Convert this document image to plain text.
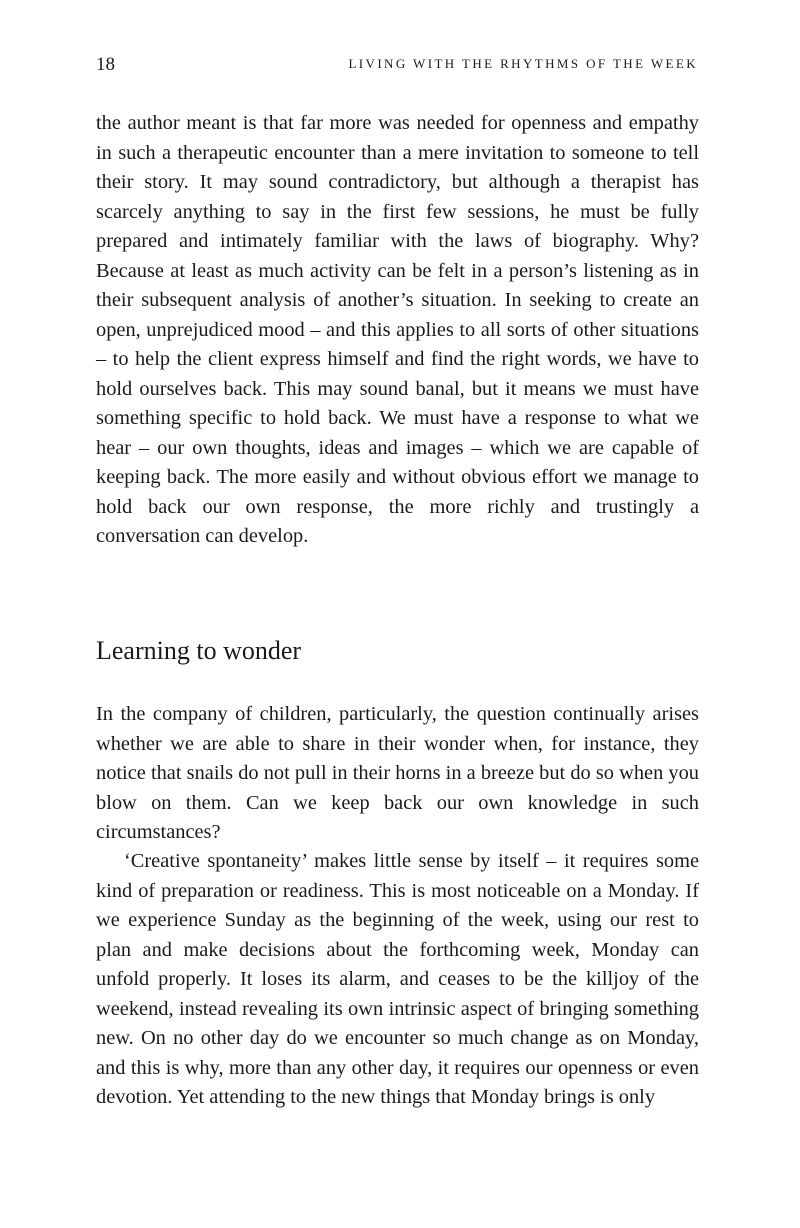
18	LIVING WITH THE RHYTHMS OF THE WEEK

the author meant is that far more was needed for openness and empathy in such a therapeutic encounter than a mere invitation to someone to tell their story. It may sound contradictory, but although a therapist has scarcely anything to say in the first few sessions, he must be fully prepared and intimately familiar with the laws of biography. Why? Because at least as much activity can be felt in a person’s listening as in their subsequent analysis of another’s situation. In seeking to create an open, unprejudiced mood – and this applies to all sorts of other situations – to help the client express himself and find the right words, we have to hold ourselves back. This may sound banal, but it means we must have something specific to hold back. We must have a response to what we hear – our own thoughts, ideas and images – which we are capable of keeping back. The more easily and without obvious effort we manage to hold back our own response, the more richly and trustingly a conversation can develop.

Learning to wonder

In the company of children, particularly, the question continually arises whether we are able to share in their wonder when, for instance, they notice that snails do not pull in their horns in a breeze but do so when you blow on them. Can we keep back our own knowledge in such circumstances?

‘Creative spontaneity’ makes little sense by itself – it requires some kind of preparation or readiness. This is most noticeable on a Monday. If we experience Sunday as the beginning of the week, using our rest to plan and make decisions about the forthcoming week, Monday can unfold properly. It loses its alarm, and ceases to be the killjoy of the weekend, instead revealing its own intrinsic aspect of bringing something new. On no other day do we encounter so much change as on Monday, and this is why, more than any other day, it requires our openness or even devotion. Yet attending to the new things that Monday brings is only
